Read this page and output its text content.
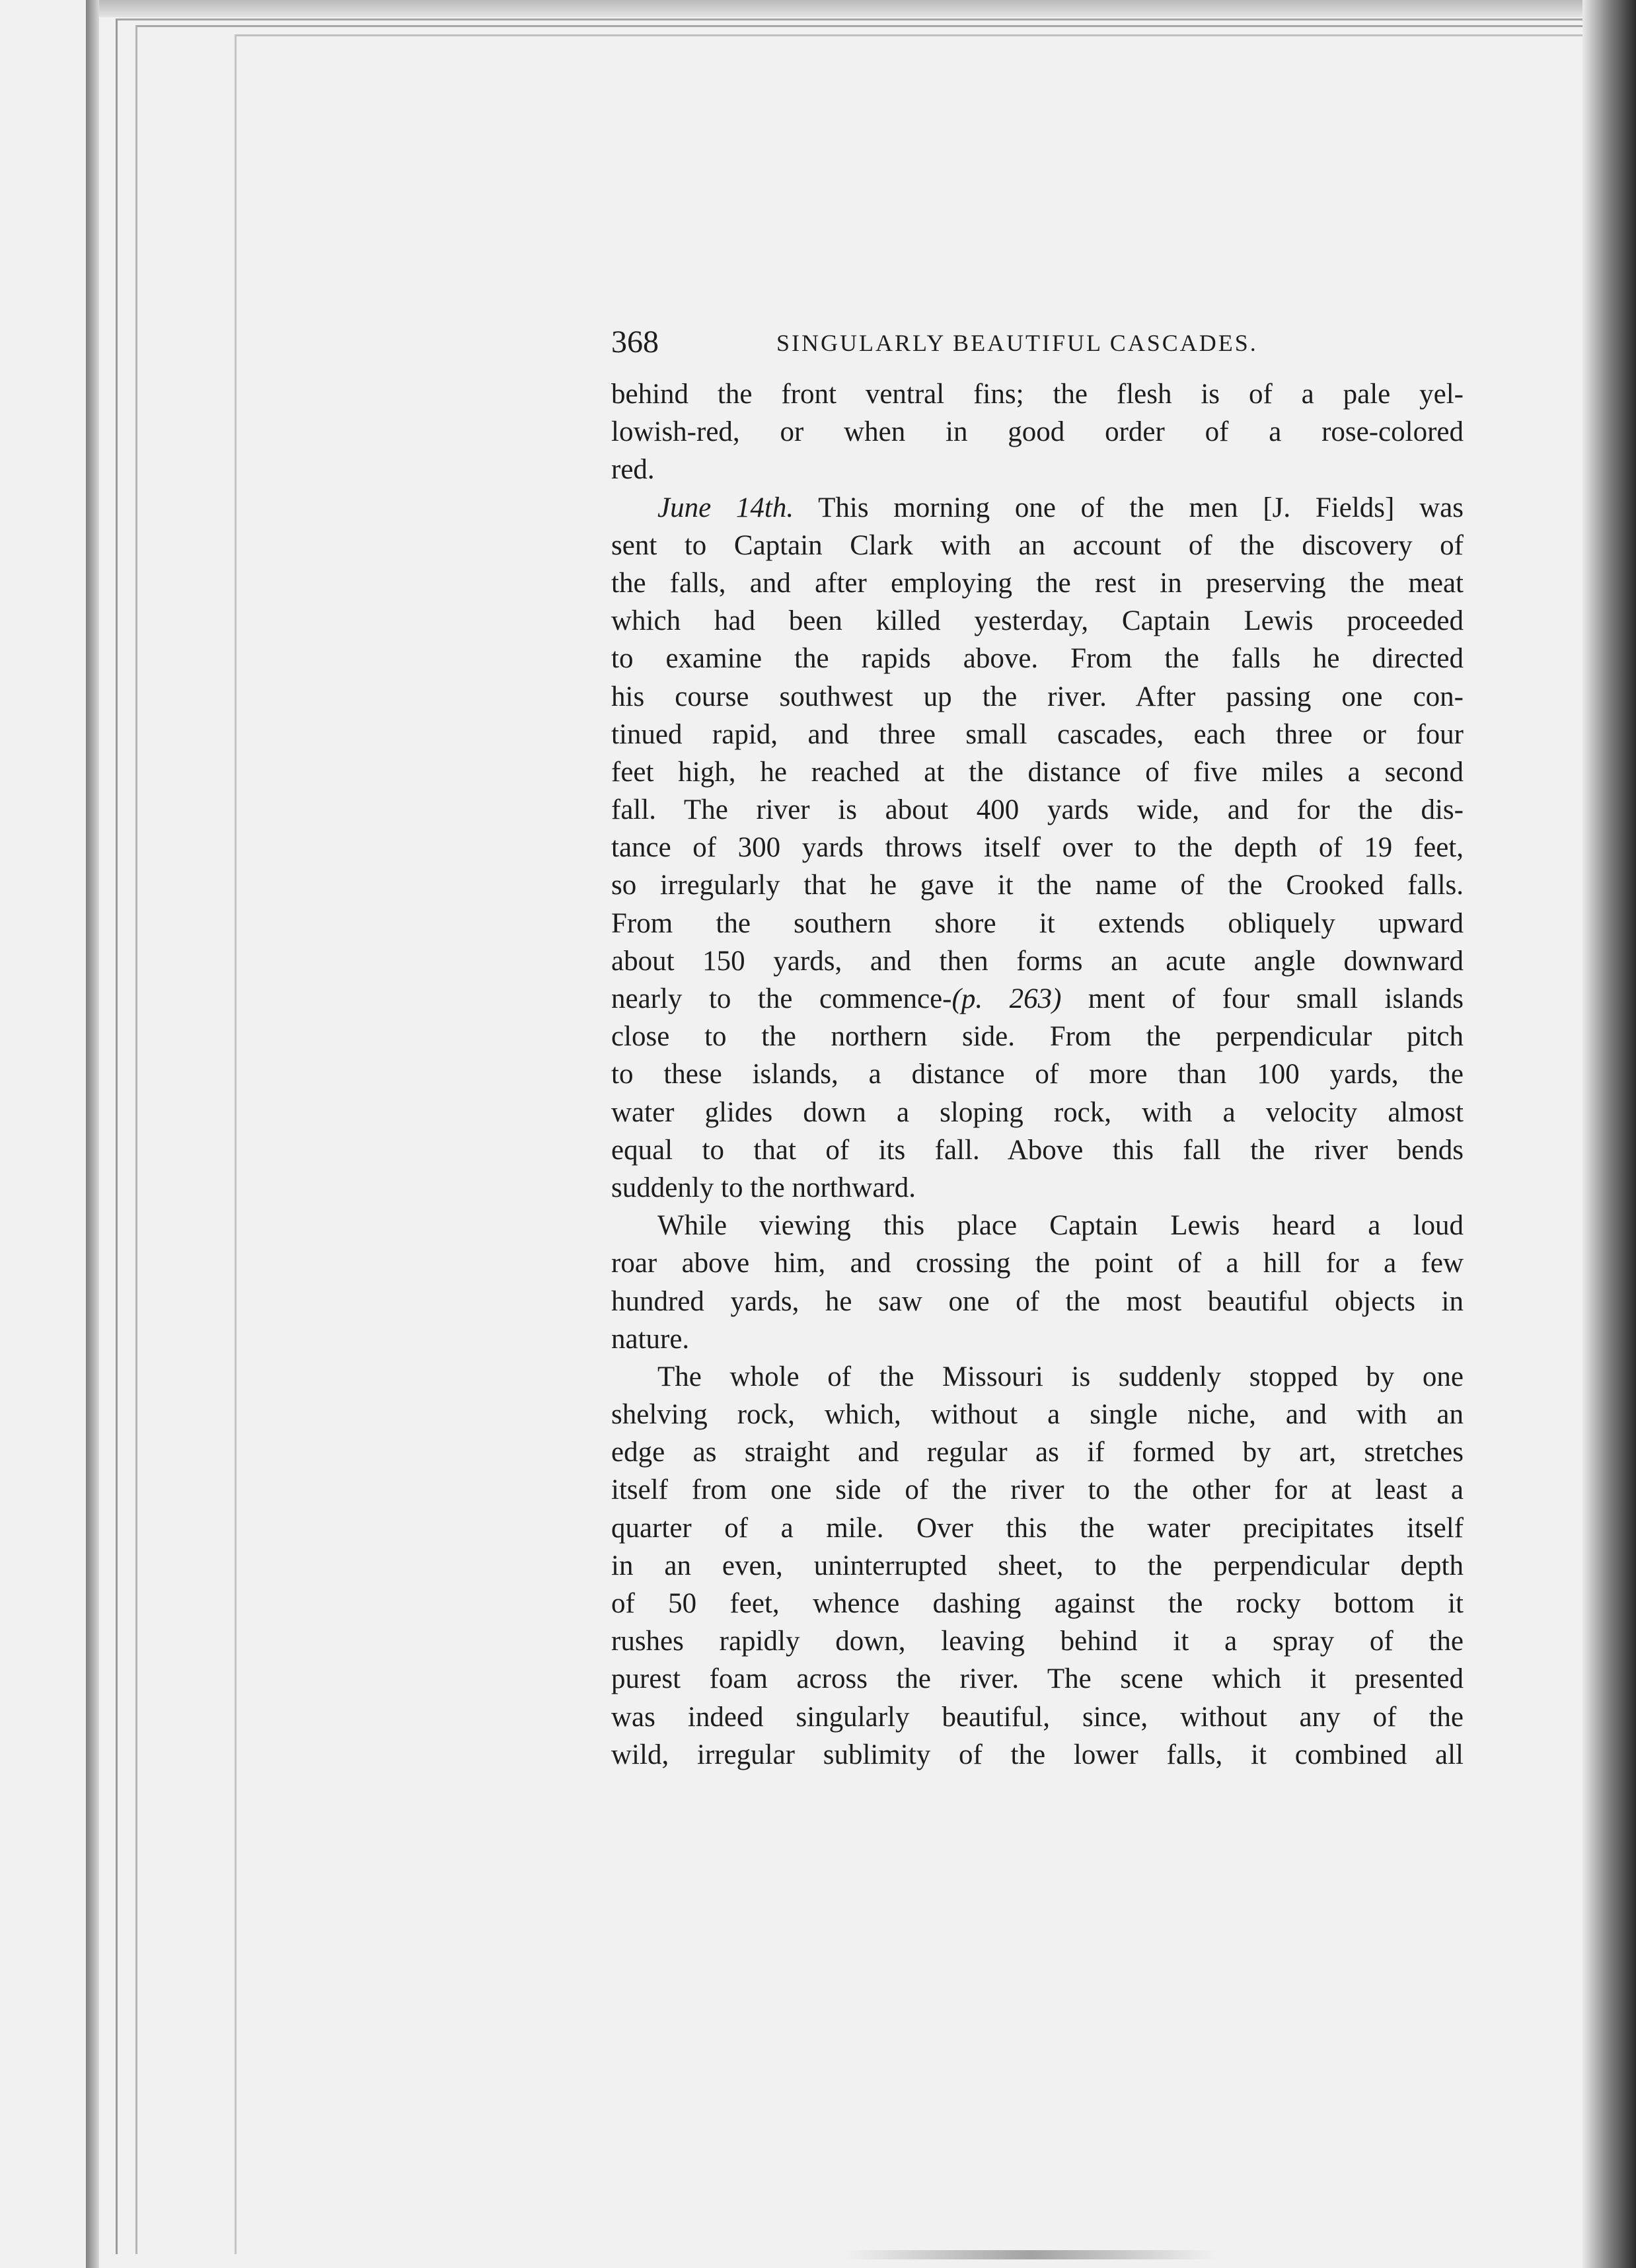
368	SINGULARLY BEAUTIFUL CASCADES.
behind the front ventral fins; the flesh is of a pale yel-
lowish-red, or when in good order of a rose-colored
red.
June 14th. This morning one of the men [J. Fields] was
sent to Captain Clark with an account of the discovery of
the falls, and after employing the rest in preserving the meat
which had been killed yesterday, Captain Lewis proceeded
to examine the rapids above. From the falls he directed
his course southwest up the river. After passing one con-
tinued rapid, and three small cascades, each three or four
feet high, he reached at the distance of five miles a second
fall. The river is about 400 yards wide, and for the dis-
tance of 300 yards throws itself over to the depth of 19 feet,
so irregularly that he gave it the name of the Crooked falls.
From the southern shore it extends obliquely upward
about 150 yards, and then forms an acute angle downward
nearly to the commence-(p. 263) ment of four small islands
close to the northern side. From the perpendicular pitch
to these islands, a distance of more than 100 yards, the
water glides down a sloping rock, with a velocity almost
equal to that of its fall. Above this fall the river bends
suddenly to the northward.
While viewing this place Captain Lewis heard a loud
roar above him, and crossing the point of a hill for a few
hundred yards, he saw one of the most beautiful objects in
nature.
The whole of the Missouri is suddenly stopped by one
shelving rock, which, without a single niche, and with an
edge as straight and regular as if formed by art, stretches
itself from one side of the river to the other for at least a
quarter of a mile. Over this the water precipitates itself
in an even, uninterrupted sheet, to the perpendicular depth
of 50 feet, whence dashing against the rocky bottom it
rushes rapidly down, leaving behind it a spray of the
purest foam across the river. The scene which it presented
was indeed singularly beautiful, since, without any of the
wild, irregular sublimity of the lower falls, it combined all
